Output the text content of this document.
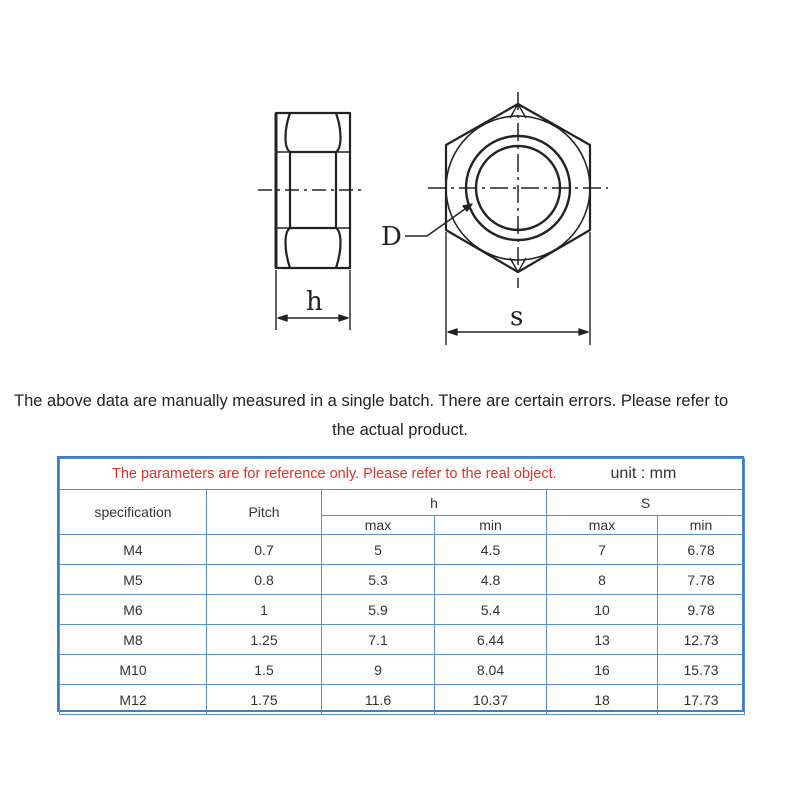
h
D
s
The above data are manually measured in a single batch. There are certain errors. Please refer to
the actual product.
The parameters are for reference only. Please refer to the real object. unit : mm					
specification	Pitch	h		S	
		max	min	max	min
M4	0.7	5	4.5	7	6.78
M5	0.8	5.3	4.8	8	7.78
M6	1	5.9	5.4	10	9.78
M8	1.25	7.1	6.44	13	12.73
M10	1.5	9	8.04	16	15.73
M12	1.75	11.6	10.37	18	17.73
